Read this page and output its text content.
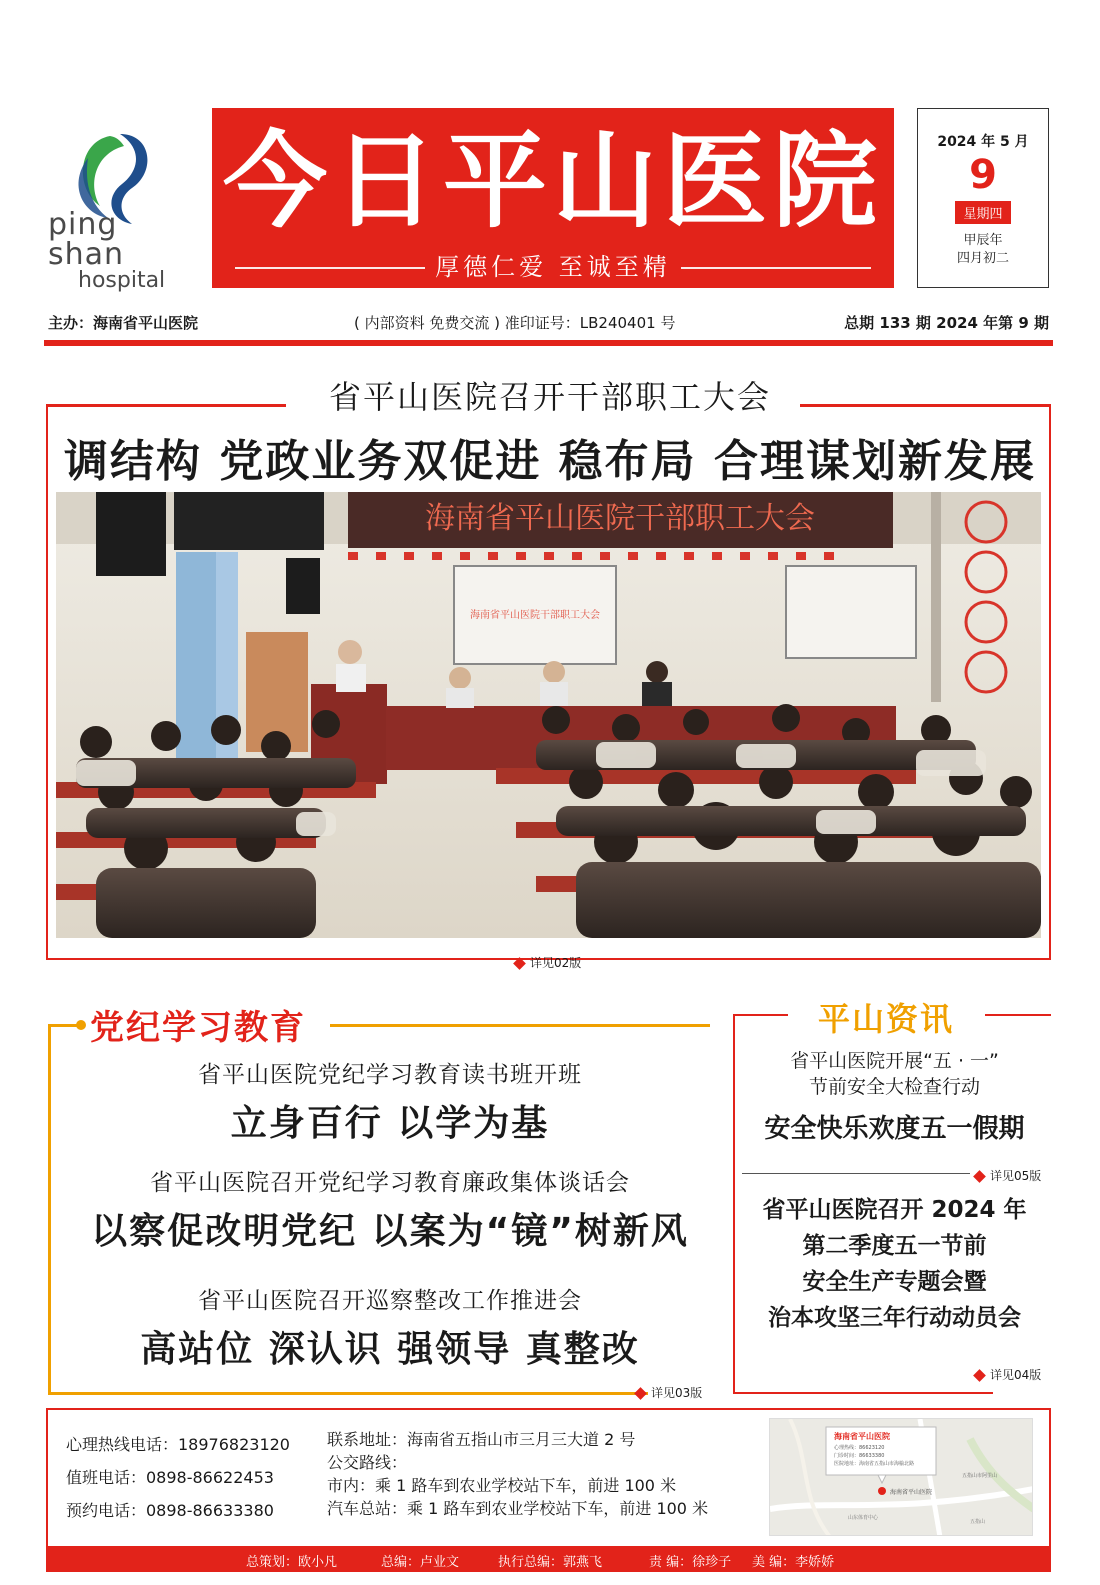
ping shan
hospital
今日平山医院
厚德仁爱 至诚至精
2024 年 5 月
9
星期四
甲辰年
四月初二
主办：海南省平山医院	( 内部资料 免费交流 ) 准印证号：LB240401 号	总期 133 期 2024 年第 9 期
省平山医院召开干部职工大会
调结构 党政业务双促进 稳布局 合理谋划新发展
海南省平山医院干部职工大会
海南省平山医院干部职工大会
详见02版
党纪学习教育
省平山医院党纪学习教育读书班开班
立身百行 以学为基
省平山医院召开党纪学习教育廉政集体谈话会
以察促改明党纪 以案为“镜”树新风
省平山医院召开巡察整改工作推进会
高站位 深认识 强领导 真整改
详见03版
平山资讯
省平山医院开展“五 · 一”
节前安全大检查行动
安全快乐欢度五一假期
详见05版
省平山医院召开 2024 年
第二季度五一节前
安全生产专题会暨
治本攻坚三年行动动员会
详见04版
心理热线电话：18976823120
值班电话：0898-86622453
预约电话：0898-86633380
联系地址：海南省五指山市三月三大道 2 号
公交路线：
市内：乘 1 路车到农业学校站下车，前进 100 米
汽车总站：乘 1 路车到农业学校站下车，前进 100 米
海南省平山医院
心理热线：86623120
门诊时间：86633380
医院地址：海南省五指山市海榆北路
海南省平山医院
五指山市阿里山
山东体育中心
五指山
总策划：欧小凡	总编：卢业文	执行总编：郭燕飞	责 编：徐珍子 美 编：李娇娇
